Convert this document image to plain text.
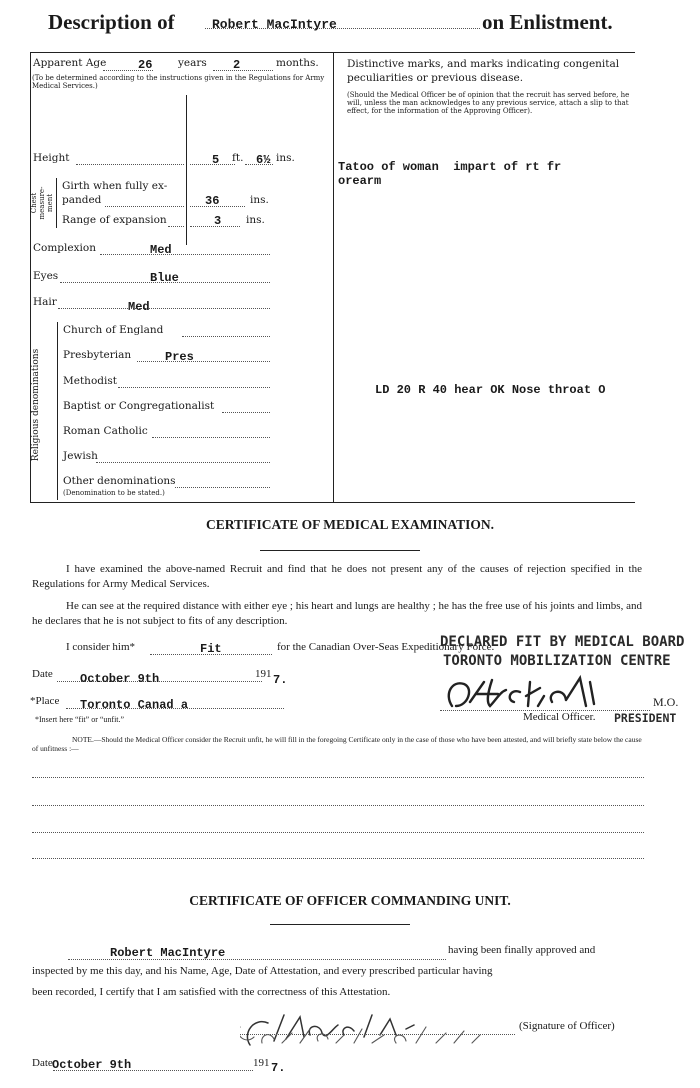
Description of	Robert MacIntyre	on Enlistment.
Apparent Age	26 years 2	months.
(To be determined according to the instructions given in the Regulations for Army Medical Services.)
Distinctive marks, and marks indicating congenital peculiarities or previous disease.
(Should the Medical Officer be of opinion that the recruit has served before, he will, unless the man acknowledges to any previous service, attach a slip to that effect, for the information of the Approving Officer).
Tatoo of woman  impart of rt fr
orearm
LD 20 R 40 hear OK Nose throat O
Height	5 ft. 6½ ins.
Chest measure-ment
Girth when fully ex-
panded	36	ins.
Range of expansion	3 ins.
Complexion	Med
Eyes	Blue
Hair	Med
Religious denominations
Church of England
Presbyterian	Pres
Methodist
Baptist or Congregationalist
Roman Catholic
Jewish
Other denominations
(Denomination to be stated.)
CERTIFICATE OF MEDICAL EXAMINATION.
I have examined the above-named Recruit and find that he does not present any of the causes of rejection specified in the Regulations for Army Medical Services.
He can see at the required distance with either eye ; his heart and lungs are healthy ; he has the free use of his joints and limbs, and he declares that he is not subject to fits of any description.
I consider him*	Fit	for the Canadian Over-Seas Expeditionary Force.
DECLARED FIT BY MEDICAL BOARD
TORONTO MOBILIZATION CENTRE
Date October 9th	191 7.
*Place Toronto Canad a	M.O.
*Insert here “fit” or “unfit.”	Medical Officer. PRESIDENT
NOTE.—Should the Medical Officer consider the Recruit unfit, he will fill in the foregoing Certificate only in the case of those who have been attested, and will briefly state below the cause of unfitness :—
CERTIFICATE OF OFFICER COMMANDING UNIT.
Robert MacIntyre	having been finally approved and
inspected by me this day, and his Name, Age, Date of Attestation, and every prescribed particular having
been recorded, I certify that I am satisfied with the correctness of this Attestation.
(Signature of Officer)
Date October 9th	191 7.
